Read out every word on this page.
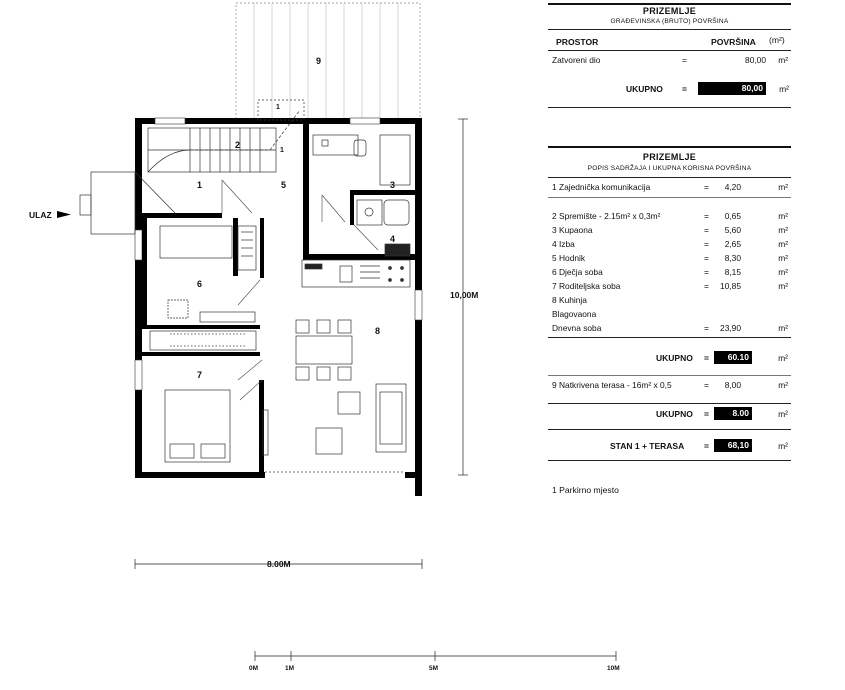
9
1
2
3
4
5
6
7
8
1
1
ULAZ
10,00M
8.00M
0M	1M	5M	10M
PRIZEMLJE
GRAĐEVINSKA (BRUTO) POVRŠINA
PROSTOR	POVRŠINA (m²)
Zatvoreni dio	=	80,00 m²
UKUPNO =	80,00	m²
PRIZEMLJE
POPIS SADRŽAJA I UKUPNA KORISNA POVRŠINA
1 Zajednička komunikacija	= 4,20	m²
2 Spremište - 2.15m² x 0,3m²	= 0,65	m²
3 Kupaona	= 5,60	m²
4 Izba	= 2,65	m²
5 Hodnik	= 8,30	m²
6 Dječja soba	= 8,15	m²
7 Roditeljska soba	= 10,85	m²
8 Kuhinja
Blagovaona
Dnevna soba	= 23,90	m²
UKUPNO =	60.10	m²
9 Natkrivena terasa - 16m² x 0,5	= 8,00	m²
UKUPNO =	8.00	m²
STAN 1 + TERASA =	68,10	m²
1 Parkirno mjesto
